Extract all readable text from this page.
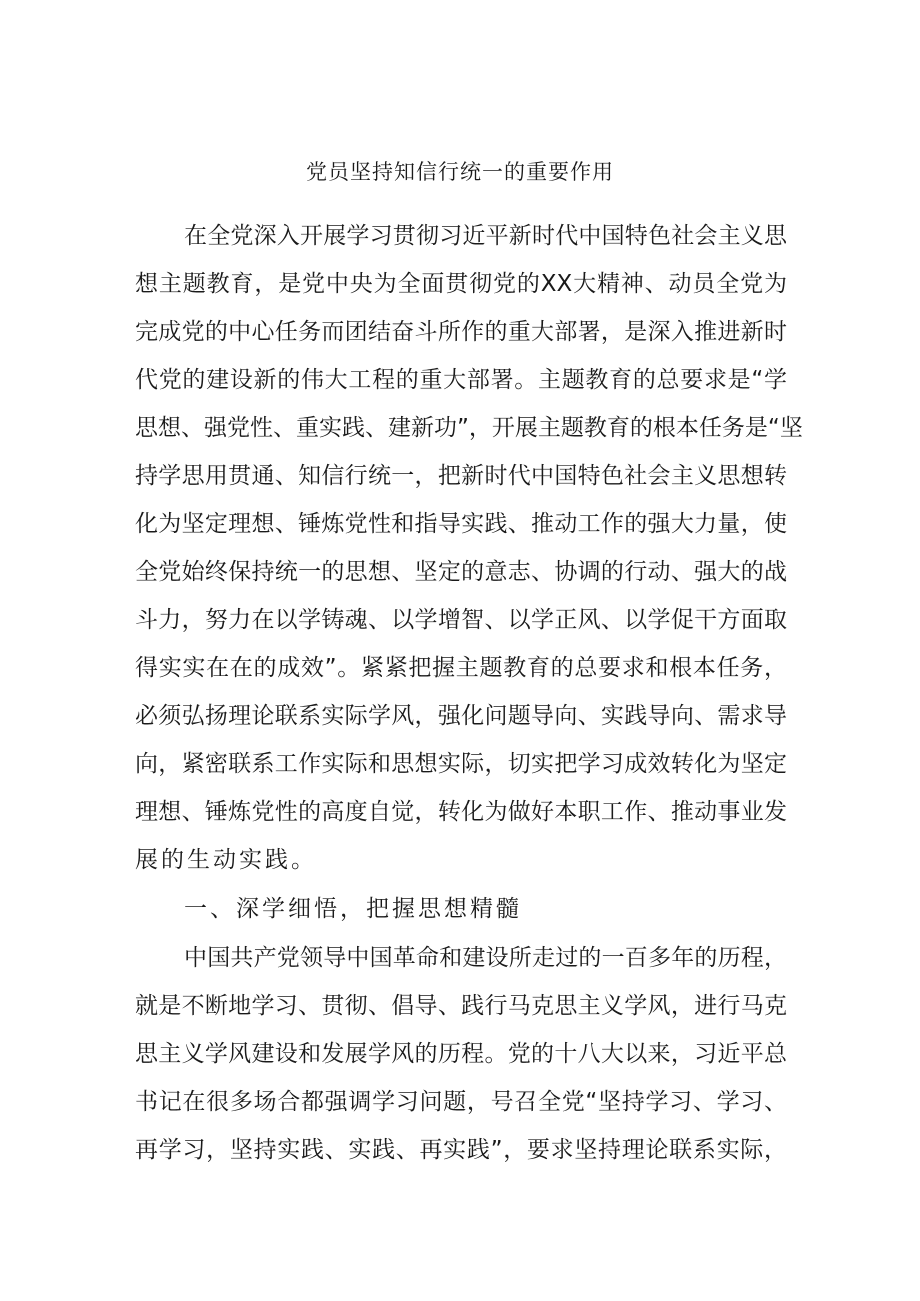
党员坚持知信行统一的重要作用
在全党深入开展学习贯彻习近平新时代中国特色社会主义思
想主题教育，是党中央为全面贯彻党的XX大精神、动员全党为
完成党的中心任务而团结奋斗所作的重大部署，是深入推进新时
代党的建设新的伟大工程的重大部署。主题教育的总要求是“学
思想、强党性、重实践、建新功”，开展主题教育的根本任务是“坚
持学思用贯通、知信行统一，把新时代中国特色社会主义思想转
化为坚定理想、锤炼党性和指导实践、推动工作的强大力量，使
全党始终保持统一的思想、坚定的意志、协调的行动、强大的战
斗力，努力在以学铸魂、以学增智、以学正风、以学促干方面取
得实实在在的成效”。紧紧把握主题教育的总要求和根本任务，
必须弘扬理论联系实际学风，强化问题导向、实践导向、需求导
向，紧密联系工作实际和思想实际，切实把学习成效转化为坚定
理想、锤炼党性的高度自觉，转化为做好本职工作、推动事业发
展的生动实践。
一、深学细悟，把握思想精髓
中国共产党领导中国革命和建设所走过的一百多年的历程，
就是不断地学习、贯彻、倡导、践行马克思主义学风，进行马克
思主义学风建设和发展学风的历程。党的十八大以来，习近平总
书记在很多场合都强调学习问题，号召全党“坚持学习、学习、
再学习，坚持实践、实践、再实践”，要求坚持理论联系实际，
